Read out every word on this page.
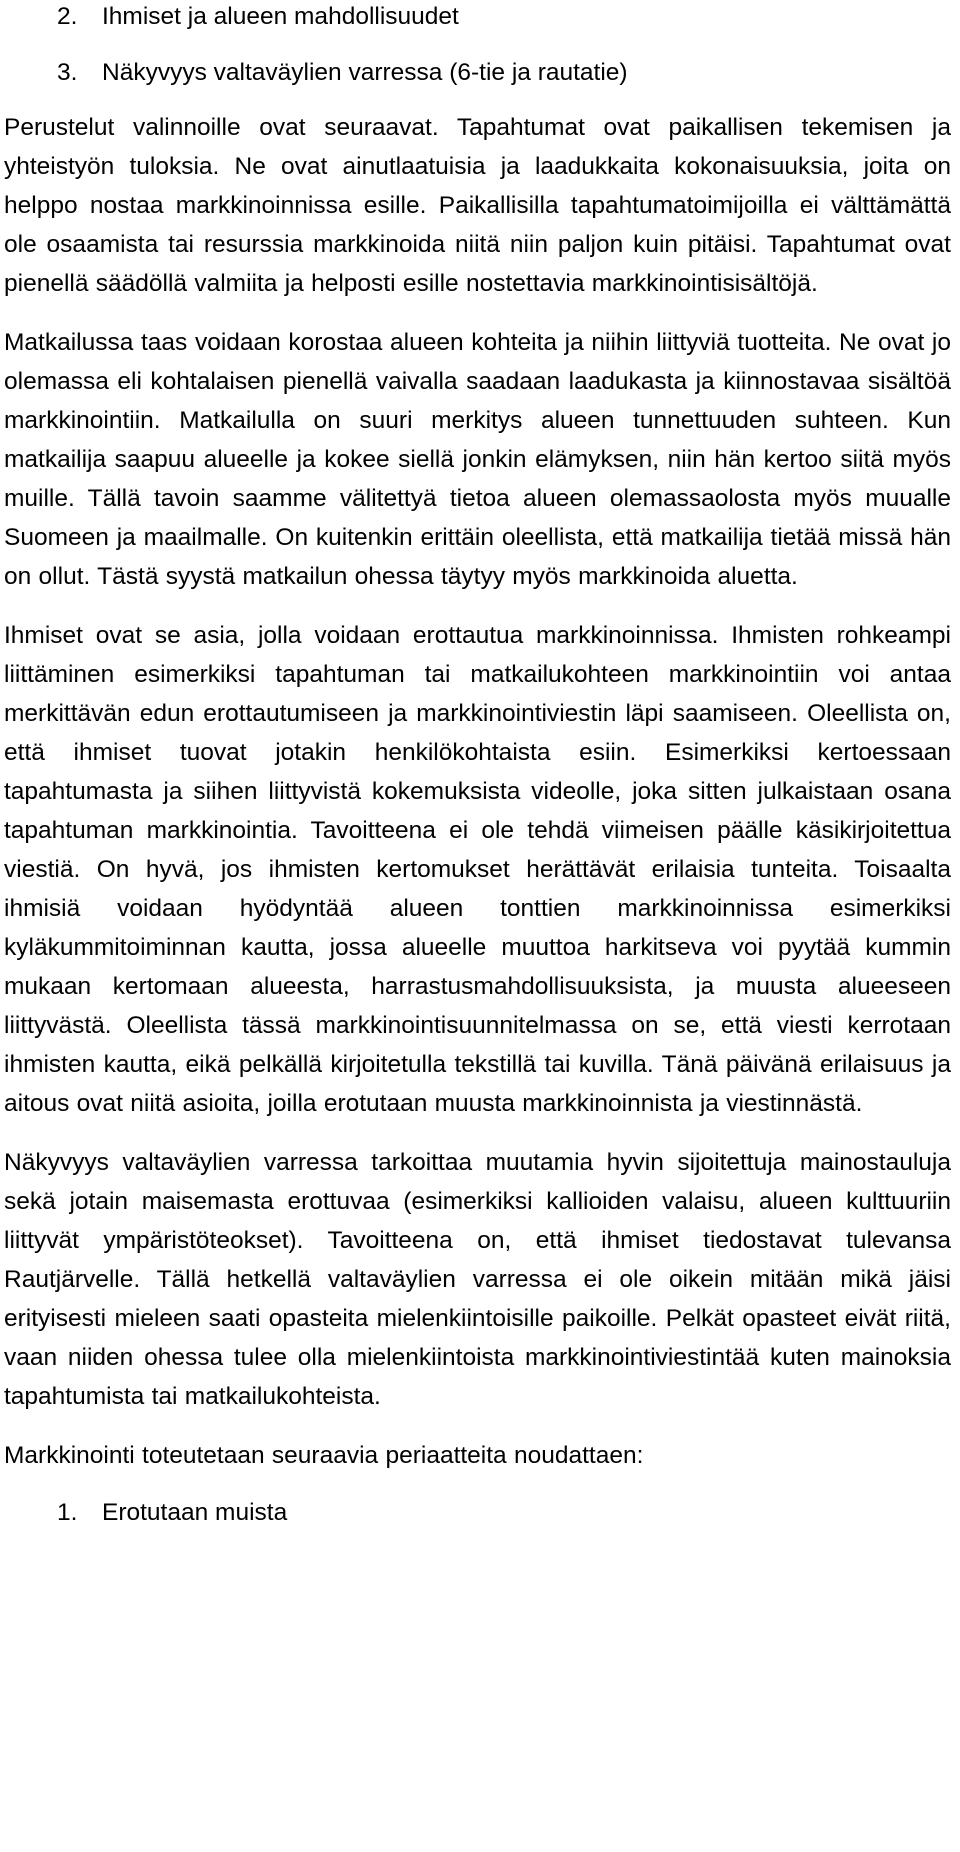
2.	Ihmiset ja alueen mahdollisuudet
3.	Näkyvyys valtaväylien varressa (6-tie ja rautatie)

Perustelut valinnoille ovat seuraavat. Tapahtumat ovat paikallisen tekemisen ja yhteistyön tuloksia. Ne ovat ainutlaatuisia ja laadukkaita kokonaisuuksia, joita on helppo nostaa markkinoinnissa esille. Paikallisilla tapahtumatoimijoilla ei välttämättä ole osaamista tai resurssia markkinoida niitä niin paljon kuin pitäisi. Tapahtumat ovat pienellä säädöllä valmiita ja helposti esille nostettavia markkinointisisältöjä.

Matkailussa taas voidaan korostaa alueen kohteita ja niihin liittyviä tuotteita. Ne ovat jo olemassa eli kohtalaisen pienellä vaivalla saadaan laadukasta ja kiinnostavaa sisältöä markkinointiin. Matkailulla on suuri merkitys alueen tunnettuuden suhteen. Kun matkailija saapuu alueelle ja kokee siellä jonkin elämyksen, niin hän kertoo siitä myös muille. Tällä tavoin saamme välitettyä tietoa alueen olemassaolosta myös muualle Suomeen ja maailmalle. On kuitenkin erittäin oleellista, että matkailija tietää missä hän on ollut. Tästä syystä matkailun ohessa täytyy myös markkinoida aluetta.

Ihmiset ovat se asia, jolla voidaan erottautua markkinoinnissa. Ihmisten rohkeampi liittäminen esimerkiksi tapahtuman tai matkailukohteen markkinointiin voi antaa merkittävän edun erottautumiseen ja markkinointiviestin läpi saamiseen. Oleellista on, että ihmiset tuovat jotakin henkilökohtaista esiin. Esimerkiksi kertoessaan tapahtumasta ja siihen liittyvistä kokemuksista videolle, joka sitten julkaistaan osana tapahtuman markkinointia. Tavoitteena ei ole tehdä viimeisen päälle käsikirjoitettua viestiä. On hyvä, jos ihmisten kertomukset herättävät erilaisia tunteita. Toisaalta ihmisiä voidaan hyödyntää alueen tonttien markkinoinnissa esimerkiksi kyläkummitoiminnan kautta, jossa alueelle muuttoa harkitseva voi pyytää kummin mukaan kertomaan alueesta, harrastusmahdollisuuksista, ja muusta alueeseen liittyvästä. Oleellista tässä markkinointisuunnitelmassa on se, että viesti kerrotaan ihmisten kautta, eikä pelkällä kirjoitetulla tekstillä tai kuvilla. Tänä päivänä erilaisuus ja aitous ovat niitä asioita, joilla erotutaan muusta markkinoinnista ja viestinnästä.

Näkyvyys valtaväylien varressa tarkoittaa muutamia hyvin sijoitettuja mainostauluja sekä jotain maisemasta erottuvaa (esimerkiksi kallioiden valaisu, alueen kulttuuriin liittyvät ympäristöteokset). Tavoitteena on, että ihmiset tiedostavat tulevansa Rautjärvelle. Tällä hetkellä valtaväylien varressa ei ole oikein mitään mikä jäisi erityisesti mieleen saati opasteita mielenkiintoisille paikoille. Pelkät opasteet eivät riitä, vaan niiden ohessa tulee olla mielenkiintoista markkinointiviestintää kuten mainoksia tapahtumista tai matkailukohteista.

Markkinointi toteutetaan seuraavia periaatteita noudattaen:

1.	Erotutaan muista
